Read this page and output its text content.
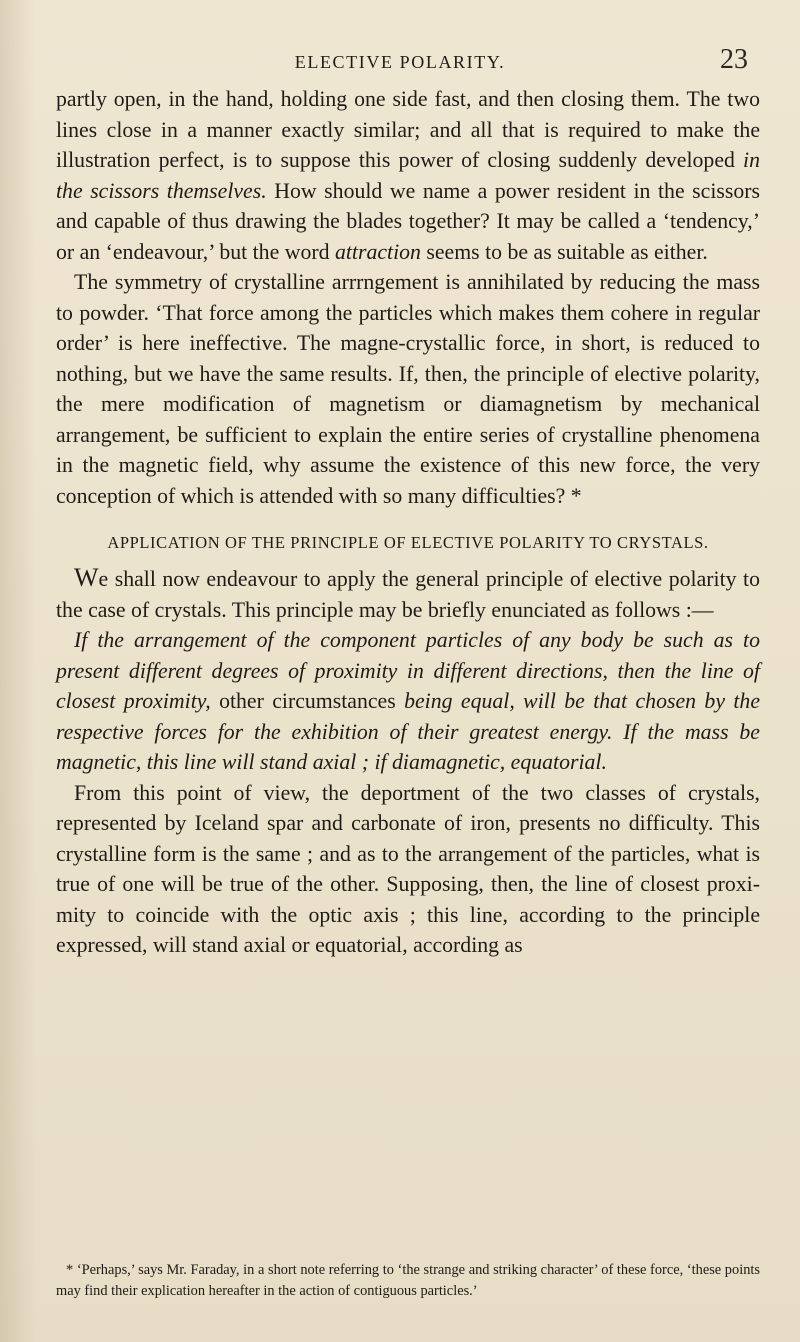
ELECTIVE POLARITY.	23

partly open, in the hand, holding one side fast, and then closing them. The two lines close in a manner exactly similar; and all that is required to make the illustration perfect, is to suppose this power of closing suddenly developed in the scissors themselves. How should we name a power resident in the scissors and capable of thus drawing the blades together? It may be called a ‘tendency,’ or an ‘endeavour,’ but the word attraction seems to be as suitable as either.

The symmetry of crystalline arrrngement is annihilated by reducing the mass to powder. ‘That force among the particles which makes them cohere in regular order’ is here ineffective. The magne-crystallic force, in short, is reduced to nothing, but we have the same results. If, then, the principle of elective polarity, the mere modification of magnetism or diamagnetism by mechanical arrangement, be sufficient to explain the entire series of crystalline phenomena in the magnetic field, why assume the existence of this new force, the very conception of which is attended with so many difficulties? *

APPLICATION OF THE PRINCIPLE OF ELECTIVE POLARITY TO CRYSTALS.

We shall now endeavour to apply the general principle of elective polarity to the case of crystals. This principle may be briefly enunciated as follows :—

If the arrangement of the component particles of any body be such as to present different degrees of proximity in different directions, then the line of closest proximity, other circumstances being equal, will be that chosen by the respective forces for the exhibition of their greatest energy. If the mass be magnetic, this line will stand axial ; if diamagnetic, equatorial.

From this point of view, the deportment of the two classes of crystals, represented by Iceland spar and carbonate of iron, presents no difficulty. This crystalline form is the same ; and as to the arrangement of the particles, what is true of one will be true of the other. Supposing, then, the line of closest proximity to coincide with the optic axis ; this line, according to the principle expressed, will stand axial or equatorial, according as

* ‘Perhaps,’ says Mr. Faraday, in a short note referring to ‘the strange and striking character’ of these force, ‘these points may find their explication hereafter in the action of contiguous particles.’
